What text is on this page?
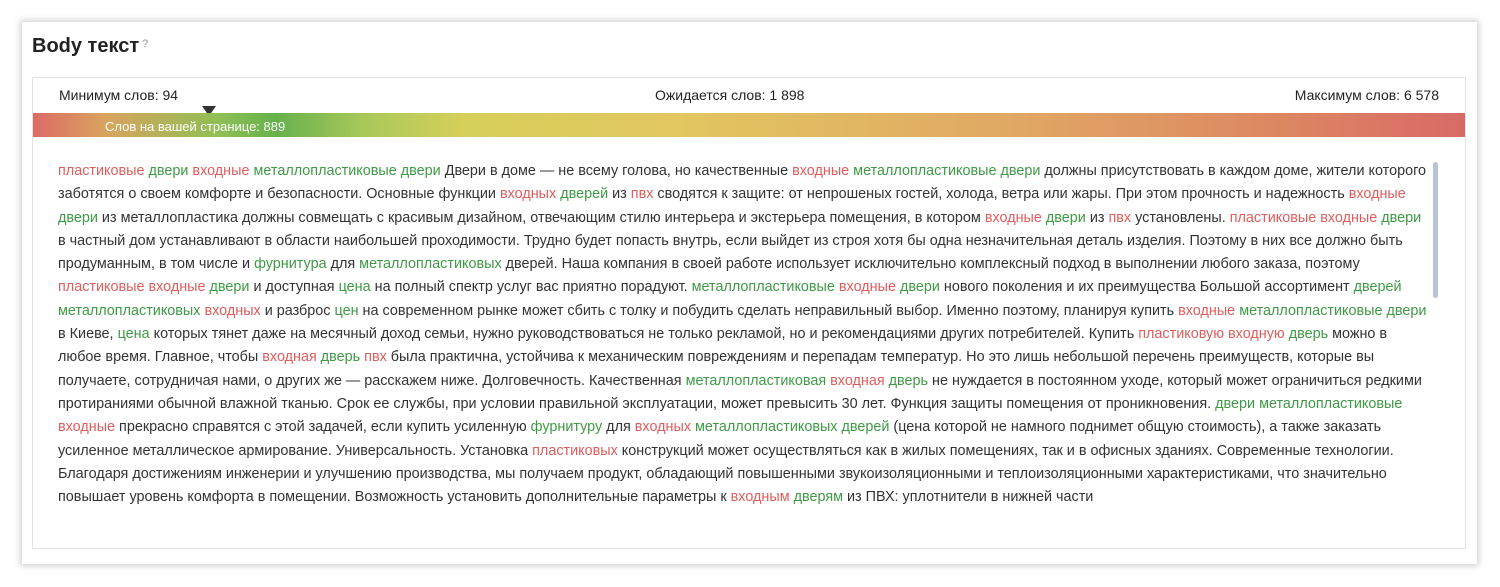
Body текст ?
Минимум слов: 94	Ожидается слов: 1 898	Максимум слов: 6 578
Слов на вашей странице: 889
пластиковые двери входные металлопластиковые двери Двери в доме — не всему голова, но качественные входные металлопластиковые двери должны присутствовать в каждом доме, жители которого заботятся о своем комфорте и безопасности. Основные функции входных дверей из пвх сводятся к защите: от непрошеных гостей, холода, ветра или жары. При этом прочность и надежность входные двери из металлопластика должны совмещать с красивым дизайном, отвечающим стилю интерьера и экстерьера помещения, в котором входные двери из пвх установлены. пластиковые входные двери в частный дом устанавливают в области наибольшей проходимости. Трудно будет попасть внутрь, если выйдет из строя хотя бы одна незначительная деталь изделия. Поэтому в них все должно быть продуманным, в том числе и фурнитура для металлопластиковых дверей. Наша компания в своей работе использует исключительно комплексный подход в выполнении любого заказа, поэтому пластиковые входные двери и доступная цена на полный спектр услуг вас приятно порадуют. металлопластиковые входные двери нового поколения и их преимущества Большой ассортимент дверей металлопластиковых входных и разброс цен на современном рынке может сбить с толку и побудить сделать неправильный выбор. Именно поэтому, планируя купить входные металлопластиковые двери в Киеве, цена которых тянет даже на месячный доход семьи, нужно руководствоваться не только рекламой, но и рекомендациями других потребителей. Купить пластиковую входную дверь можно в любое время. Главное, чтобы входная дверь пвх была практична, устойчива к механическим повреждениям и перепадам температур. Но это лишь небольшой перечень преимуществ, которые вы получаете, сотрудничая нами, о других же — расскажем ниже. Долговечность. Качественная металлопластиковая входная дверь не нуждается в постоянном уходе, который может ограничиться редкими протираниями обычной влажной тканью. Срок ее службы, при условии правильной эксплуатации, может превысить 30 лет. Функция защиты помещения от проникновения. двери металлопластиковые входные прекрасно справятся с этой задачей, если купить усиленную фурнитуру для входных металлопластиковых дверей (цена которой не намного поднимет общую стоимость), а также заказать усиленное металлическое армирование. Универсальность. Установка пластиковых конструкций может осуществляться как в жилых помещениях, так и в офисных зданиях. Современные технологии. Благодаря достижениям инженерии и улучшению производства, мы получаем продукт, обладающий повышенными звукоизоляционными и теплоизоляционными характеристиками, что значительно повышает уровень комфорта в помещении. Возможность установить дополнительные параметры к входным дверям из ПВХ: уплотнители в нижней части
